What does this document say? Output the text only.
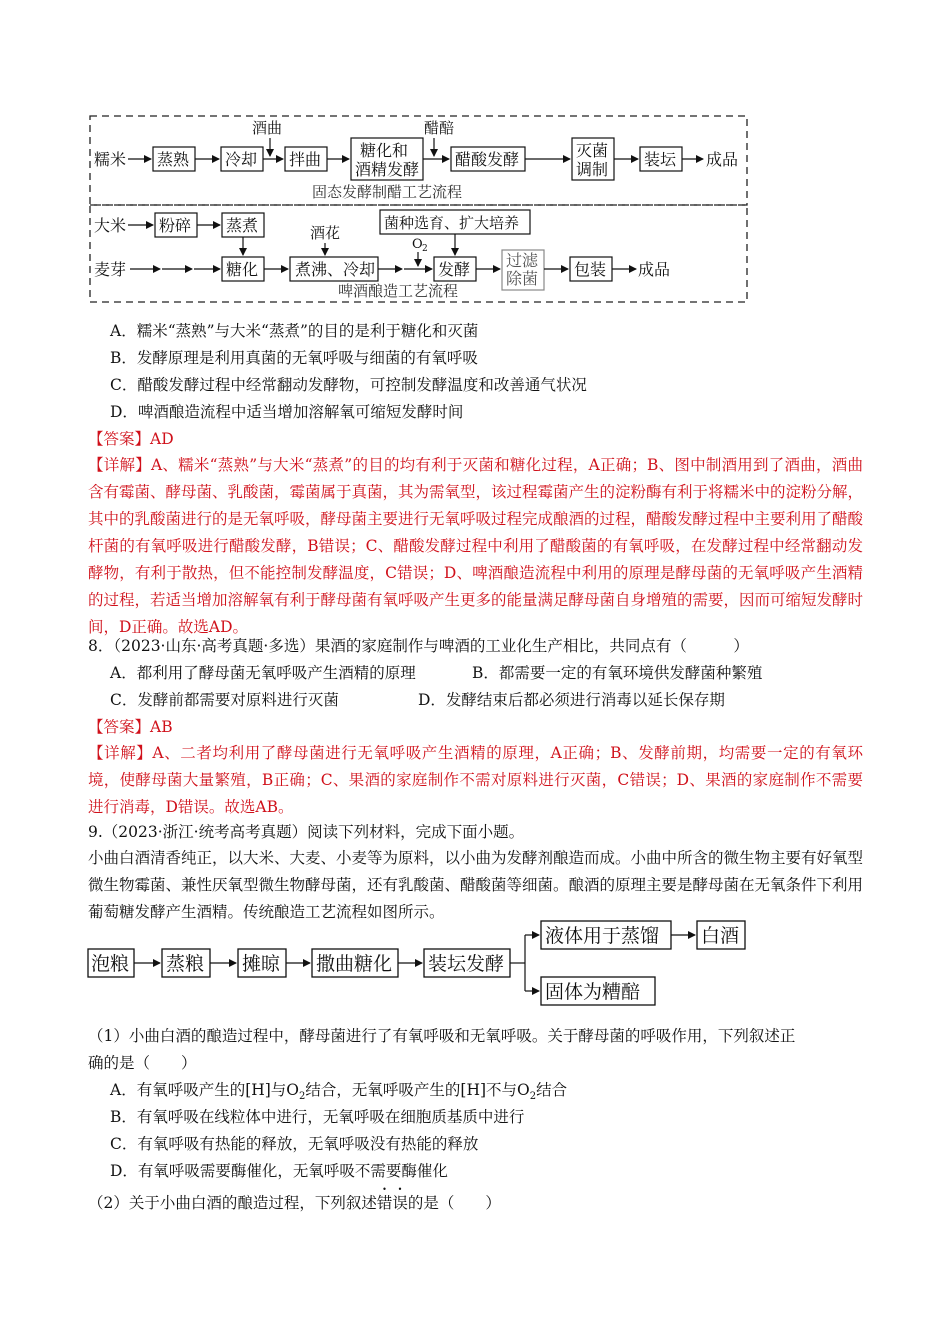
糯米 蒸熟 冷却
酒曲
拌曲 糖化和
酒精发酵
醋醅
醋酸发酵	灭菌
调制
装坛 成品
固态发酵制醋工艺流程
大米 粉碎 蒸煮
麦芽	糖化
酒花
煮沸、冷却
菌种选育、扩大培养
O 2
发酵 过滤
除菌 包装 成品
啤酒酿造工艺流程
A．糯米“蒸熟”与大米“蒸煮”的目的是利于糖化和灭菌
B．发酵原理是利用真菌的无氧呼吸与细菌的有氧呼吸
C．醋酸发酵过程中经常翻动发酵物，可控制发酵温度和改善通气状况
D．啤酒酿造流程中适当增加溶解氧可缩短发酵时间
【答案】AD
【详解】A、糯米“蒸熟”与大米“蒸煮”的目的均有利于灭菌和糖化过程，A正确；B、图中制酒用到了酒曲，酒曲含有霉菌、酵母菌、乳酸菌，霉菌属于真菌，其为需氧型，该过程霉菌产生的淀粉酶有利于将糯米中的淀粉分解，其中的乳酸菌进行的是无氧呼吸，酵母菌主要进行无氧呼吸过程完成酿酒的过程，醋酸发酵过程中主要利用了醋酸杆菌的有氧呼吸进行醋酸发酵，B错误；C、醋酸发酵过程中利用了醋酸菌的有氧呼吸，在发酵过程中经常翻动发酵物，有利于散热，但不能控制发酵温度，C错误；D、啤酒酿造流程中利用的原理是酵母菌的无氧呼吸产生酒精的过程，若适当增加溶解氧有利于酵母菌有氧呼吸产生更多的能量满足酵母菌自身增殖的需要，因而可缩短发酵时间，D正确。故选AD。
8．（2023·山东·高考真题·多选）果酒的家庭制作与啤酒的工业化生产相比，共同点有（　　　）
A．都利用了酵母菌无氧呼吸产生酒精的原理	B．都需要一定的有氧环境供发酵菌种繁殖
C．发酵前都需要对原料进行灭菌	D．发酵结束后都必须进行消毒以延长保存期
【答案】AB
【详解】A、二者均利用了酵母菌进行无氧呼吸产生酒精的原理，A正确；B、发酵前期，均需要一定的有氧环境，使酵母菌大量繁殖，B正确；C、果酒的家庭制作不需对原料进行灭菌，C错误；D、果酒的家庭制作不需要进行消毒，D错误。故选AB。
9.（2023·浙江·统考高考真题）阅读下列材料，完成下面小题。
小曲白酒清香纯正，以大米、大麦、小麦等为原料，以小曲为发酵剂酿造而成。小曲中所含的微生物主要有好氧型微生物霉菌、兼性厌氧型微生物酵母菌，还有乳酸菌、醋酸菌等细菌。酿酒的原理主要是酵母菌在无氧条件下利用葡萄糖发酵产生酒精。传统酿造工艺流程如图所示。
泡粮 蒸粮 摊晾 撒曲糖化 装坛发酵
液体用于蒸馏 白酒
固体为糟醅
（1）小曲白酒的酿造过程中，酵母菌进行了有氧呼吸和无氧呼吸。关于酵母菌的呼吸作用，下列叙述正
确的是（　　）
A．有氧呼吸产生的[H]与$O_2$结合，无氧呼吸产生的[H]不与$O_2$结合
B．有氧呼吸在线粒体中进行，无氧呼吸在细胞质基质中进行
C．有氧呼吸有热能的释放，无氧呼吸没有热能的释放
D．有氧呼吸需要酶催化，无氧呼吸不需要酶催化
（2）关于小曲白酒的酿造过程，下列叙述错误的是（　　）
